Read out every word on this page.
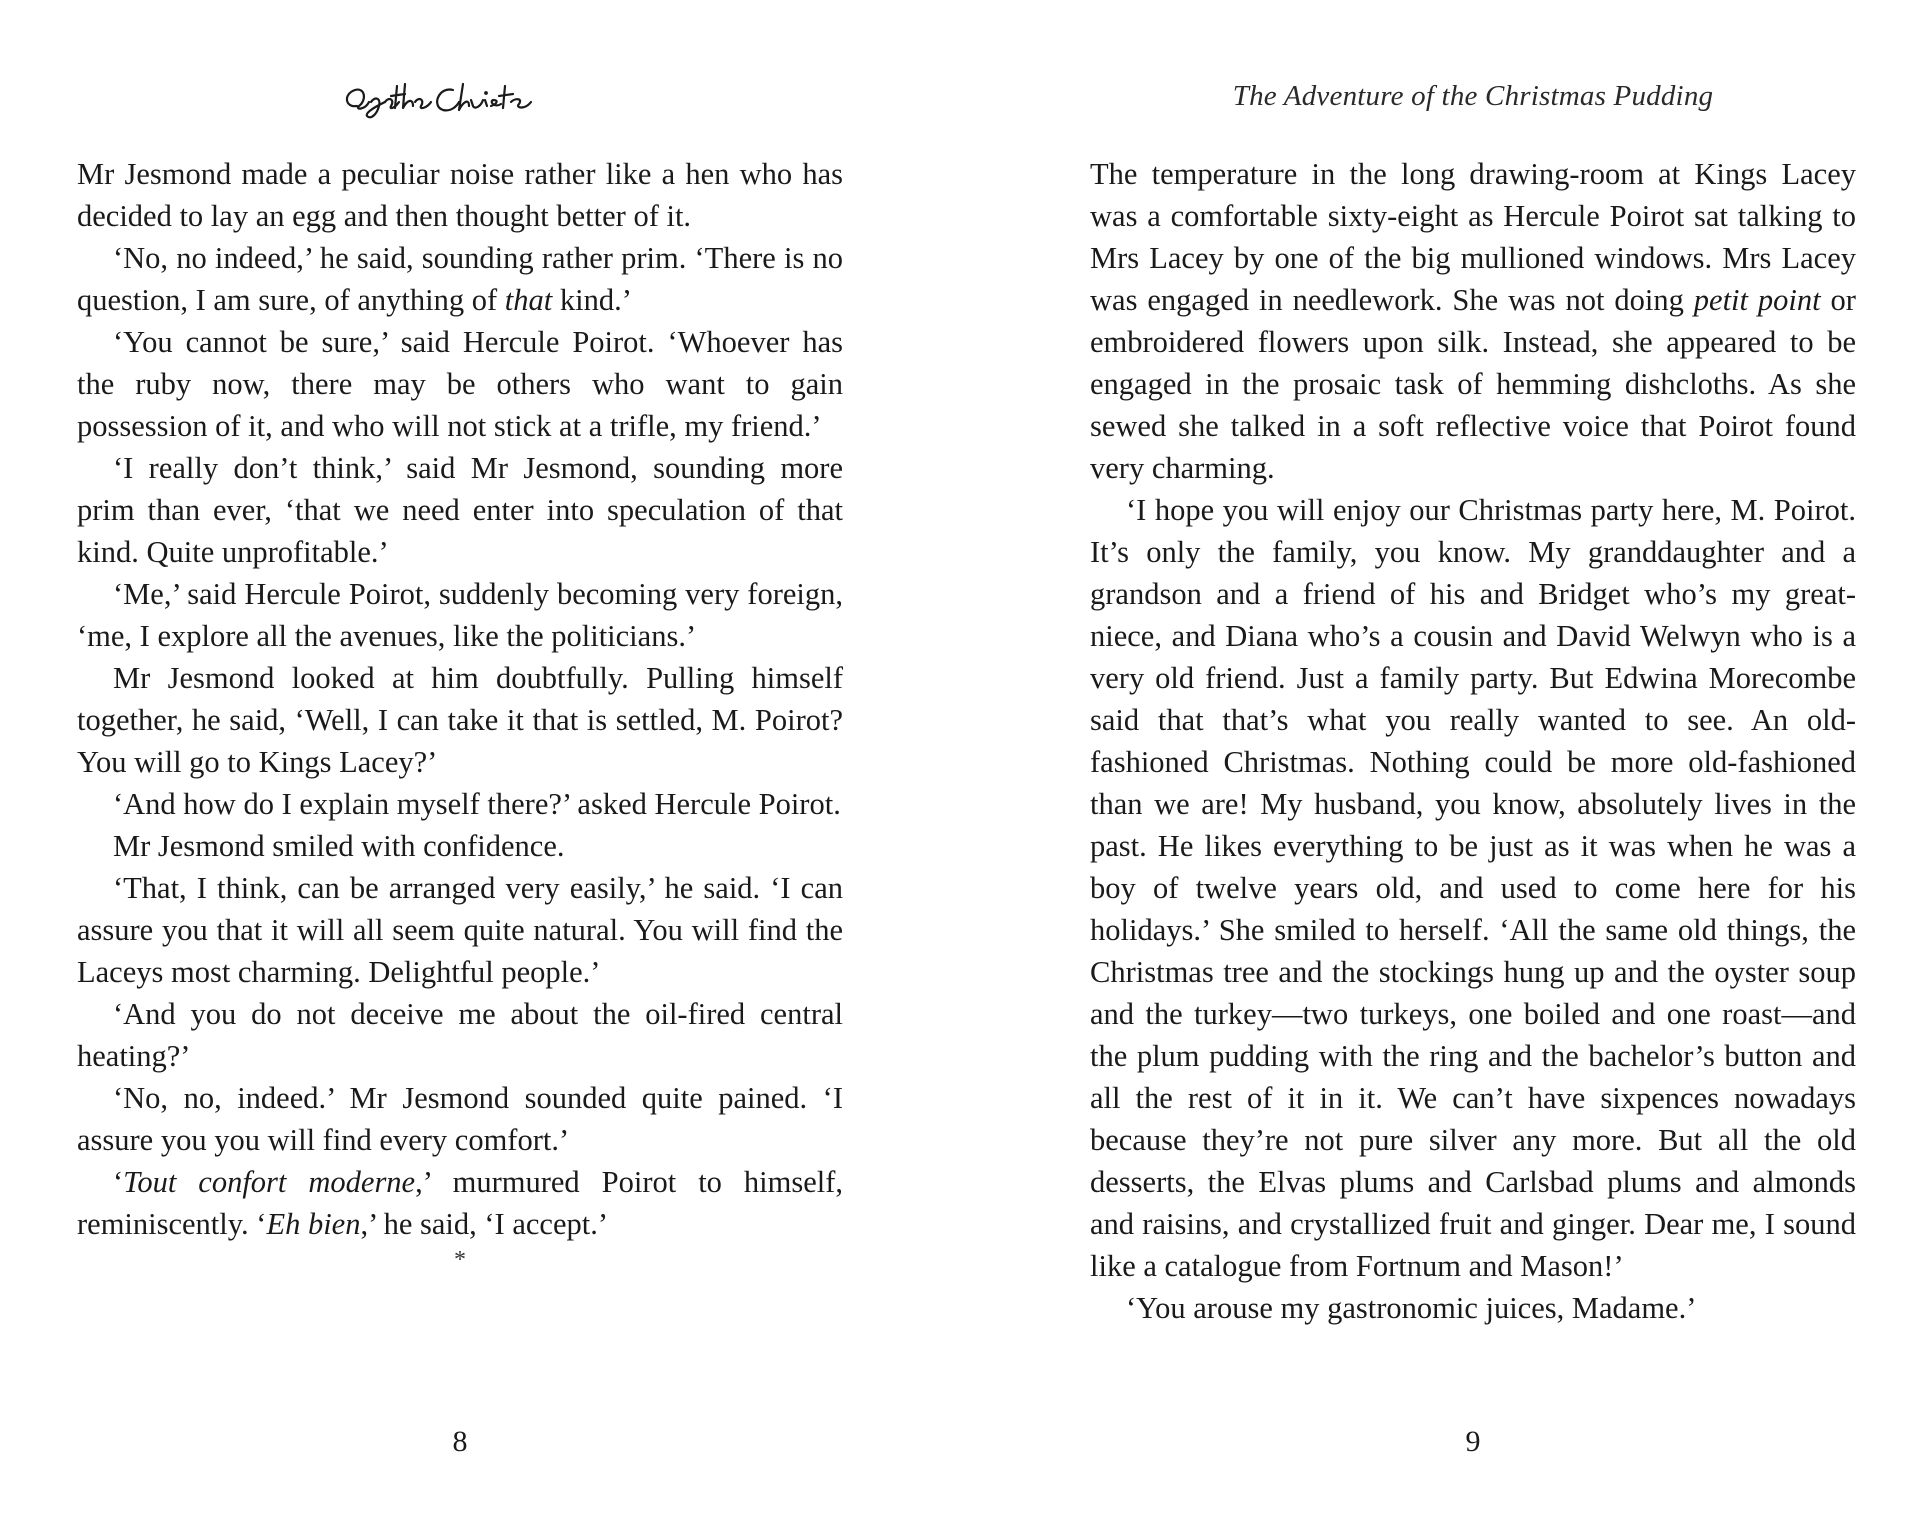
Mr Jesmond made a peculiar noise rather like a hen who has decided to lay an egg and then thought better of it.

‘No, no indeed,’ he said, sounding rather prim. ‘There is no question, I am sure, of anything of that kind.’

‘You cannot be sure,’ said Hercule Poirot. ‘Whoever has the ruby now, there may be others who want to gain possession of it, and who will not stick at a trifle, my friend.’

‘I really don’t think,’ said Mr Jesmond, sounding more prim than ever, ‘that we need enter into speculation of that kind. Quite unprofitable.’

‘Me,’ said Hercule Poirot, suddenly becoming very foreign, ‘me, I explore all the avenues, like the politicians.’

Mr Jesmond looked at him doubtfully. Pulling himself together, he said, ‘Well, I can take it that is settled, M. Poirot? You will go to Kings Lacey?’

‘And how do I explain myself there?’ asked Hercule Poirot.

Mr Jesmond smiled with confidence.

‘That, I think, can be arranged very easily,’ he said. ‘I can assure you that it will all seem quite natural. You will find the Laceys most charming. Delightful people.’

‘And you do not deceive me about the oil-fired central heating?’

‘No, no, indeed.’ Mr Jesmond sounded quite pained. ‘I assure you you will find every comfort.’

‘Tout confort moderne,’ murmured Poirot to himself, reminiscently. ‘Eh bien,’ he said, ‘I accept.’

*
8
The Adventure of the Christmas Pudding

The temperature in the long drawing-room at Kings Lacey was a comfortable sixty-eight as Hercule Poirot sat talking to Mrs Lacey by one of the big mullioned windows. Mrs Lacey was engaged in needlework. She was not doing petit point or embroidered flowers upon silk. Instead, she appeared to be engaged in the prosaic task of hemming dishcloths. As she sewed she talked in a soft reflective voice that Poirot found very charming.

‘I hope you will enjoy our Christmas party here, M. Poirot. It’s only the family, you know. My granddaughter and a grandson and a friend of his and Bridget who’s my great-niece, and Diana who’s a cousin and David Welwyn who is a very old friend. Just a family party. But Edwina Morecombe said that that’s what you really wanted to see. An old-fashioned Christmas. Nothing could be more old-fashioned than we are! My husband, you know, absolutely lives in the past. He likes everything to be just as it was when he was a boy of twelve years old, and used to come here for his holidays.’ She smiled to herself. ‘All the same old things, the Christmas tree and the stockings hung up and the oyster soup and the turkey—two turkeys, one boiled and one roast—and the plum pudding with the ring and the bachelor’s button and all the rest of it in it. We can’t have sixpences nowadays because they’re not pure silver any more. But all the old desserts, the Elvas plums and Carlsbad plums and almonds and raisins, and crystallized fruit and ginger. Dear me, I sound like a catalogue from Fortnum and Mason!’

‘You arouse my gastronomic juices, Madame.’

9
